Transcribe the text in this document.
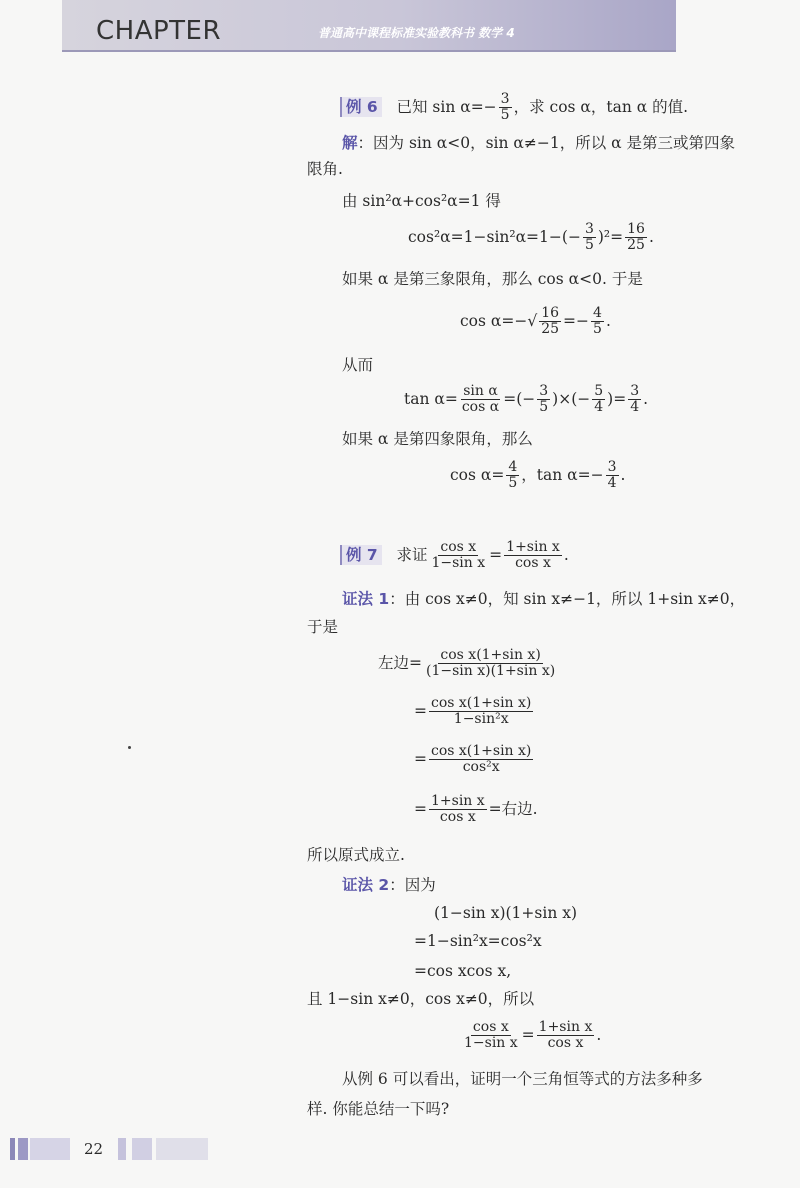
CHAPTER	普通高中课程标准实验教科书 数学 4
例 6   已知 $\sin \alpha=- \frac{3}{5}$ ，求 cos α，tan α 的值.
解：因为 sin α<0，sin α≠−1，所以 α 是第三或第四象
限角.
由 sin²α+cos²α=1 得
$\cos^2\alpha=1-\sin^2\alpha=1-(- \frac{3}{5} )^2= \frac{16}{25}$ .
如果 α 是第三象限角，那么 cos α<0. 于是
$\cos \alpha=-√ \frac{16}{25} =- \frac{4}{5}$ .
从而
$\tan \alpha= \frac{\text{sin α}}{\text{cos α}}$ =(− $\frac{3}{5}$ )×(− $\frac{5}{4}$ )= $\frac{3}{4}$ .
如果 α 是第四象限角，那么
$\cos \alpha= \frac{4}{5}$ ，$\tan \alpha=- \frac{3}{4}$ .
例 7   求证 $\frac{\text{cos x}}{\text{1−sin x}} = \frac{\text{1+sin x}}{\text{cos x}}$ .
证法 1：由 cos x≠0，知 sin x≠−1，所以 1+sin x≠0，
于是
左边= $\frac{\text{cos x(1+sin x)}}{\text{(1−sin x)(1+sin x)}}$
= $\frac{\text{cos x(1+sin x)}}{\text{1−sin²x}}$
= $\frac{\text{cos x(1+sin x)}}{\text{cos²x}}$
= $\frac{\text{1+sin x}}{\text{cos x}}$ =右边.
所以原式成立.
证法 2：因为
(1−sin x)(1+sin x)
=1−sin²x=cos²x
=cos xcos x,
且 1−sin x≠0，cos x≠0，所以
$\frac{\text{cos x}}{\text{1−sin x}} = \frac{\text{1+sin x}}{\text{cos x}}$ .
从例 6 可以看出，证明一个三角恒等式的方法多种多
样. 你能总结一下吗?
22
